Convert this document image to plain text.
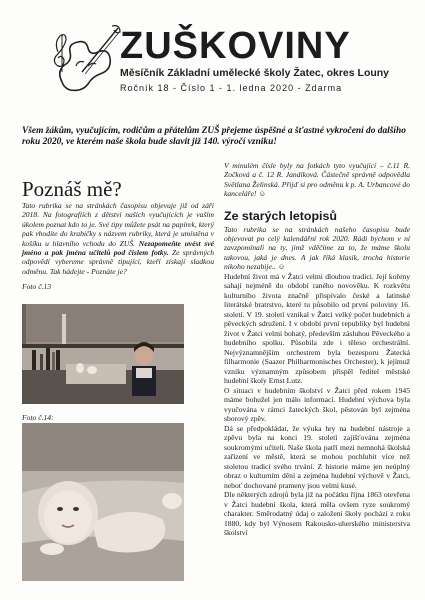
ZUŠKOVINY
Měsíčník Základní umělecké školy Žatec, okres Louny
Ročník 18 - Číslo 1 - 1. ledna 2020 - Zdarma
Všem žákům, vyučujícím, rodičům a přátelům ZUŠ přejeme úspěšné a šťastné vykročení do dalšího roku 2020, ve kterém naše škola bude slavit již 140. výročí vzniku!
Poznáš mě?
Tato rubrika se na stránkách časopisu objevuje již od září 2018. Na fotografiích z dětství našich vyučujících je vaším úkolem poznat kdo to je. Své tipy můžete psát na papírek, který pak vhodíte do krabičky s názvem rubriky, která je umístěna v košíku u hlavního vchodu do ZUŠ. Nezapomeňte uvést své jméno a pak jména učitelů pod číslem fotky. Ze správných odpovědí vybereme správně tipující, kteří získají sladkou odměnu. Tak hádejte - Poznáte je?
Foto č.13
Foto č.14:
V minulém čísle byly na fotkách tyto vyučující – č.11 R. Zočková a č. 12 R. Jandíková. Částečně správně odpovědla Světlana Želinská. Přijď si pro odměnu k p. A. Urbancové do kanceláře! ☺
Ze starých letopisů
Tato rubrika se na stránkách našeho časopisu bude objevovat po celý kalendářní rok 2020. Rádi bychom v ní zavzpomínali na ty, jimž vděčíme za to, že máme školu takovou, jaká je dnes. A jak říká klasik, trocha historie nikoho nezabije.. ☺

Hudební život má v Žatci velmi dlouhou tradici. Její kořeny sahají nejméně do období raného novověku. K rozkvětu kulturního života značně přispívalo české a latinské literátské bratrstvo, které tu působilo od první poloviny 16. století. V 19. století vznikal v Žatci velký počet hudebních a pěveckých sdružení. I v období první republiky byl hudební život v Žatci velmi bohatý, především zásluhou Pěveckého a hudebního spolku. Působila zde i těleso orchestrální. Nejvýznamnějším orchestrem byla bezesporu Žatecká filharmonie (Saazer Philharmonisches Orchester), k jejímuž vzniku významným způsobem přispěl ředitel městské hudební školy Ernst Lutz.

O situaci v hudebním školství v Žatci před rokem 1945 máme bohužel jen málo informací. Hudební výchova byla vyučována v rámci žateckých škol, pěstován byl zejména sborový zpěv.

Dá se předpokládat, že výuka hry na hudební nástroje a zpěvu byla na konci 19. století zajišťována zejména soukromými učiteli. Naše škola patří mezi nemnohá školská zařízení ve městě, která se mohou pochlubit více než stoletou tradicí svého trvání. Z historie máme jen neúplný obraz o kulturním dění a zejména hudební výchově v Žatci, neboť dochované prameny jsou velmi kusé.

Dle některých zdrojů byla již na počátku října 1863 otevřena v Žatci hudební škola, která měla ovšem ryze soukromý charakter. Směrodatný údaj o založení školy pochází z roku 1880, kdy byl Výnosem Rakousko-uherského ministerstva školství
